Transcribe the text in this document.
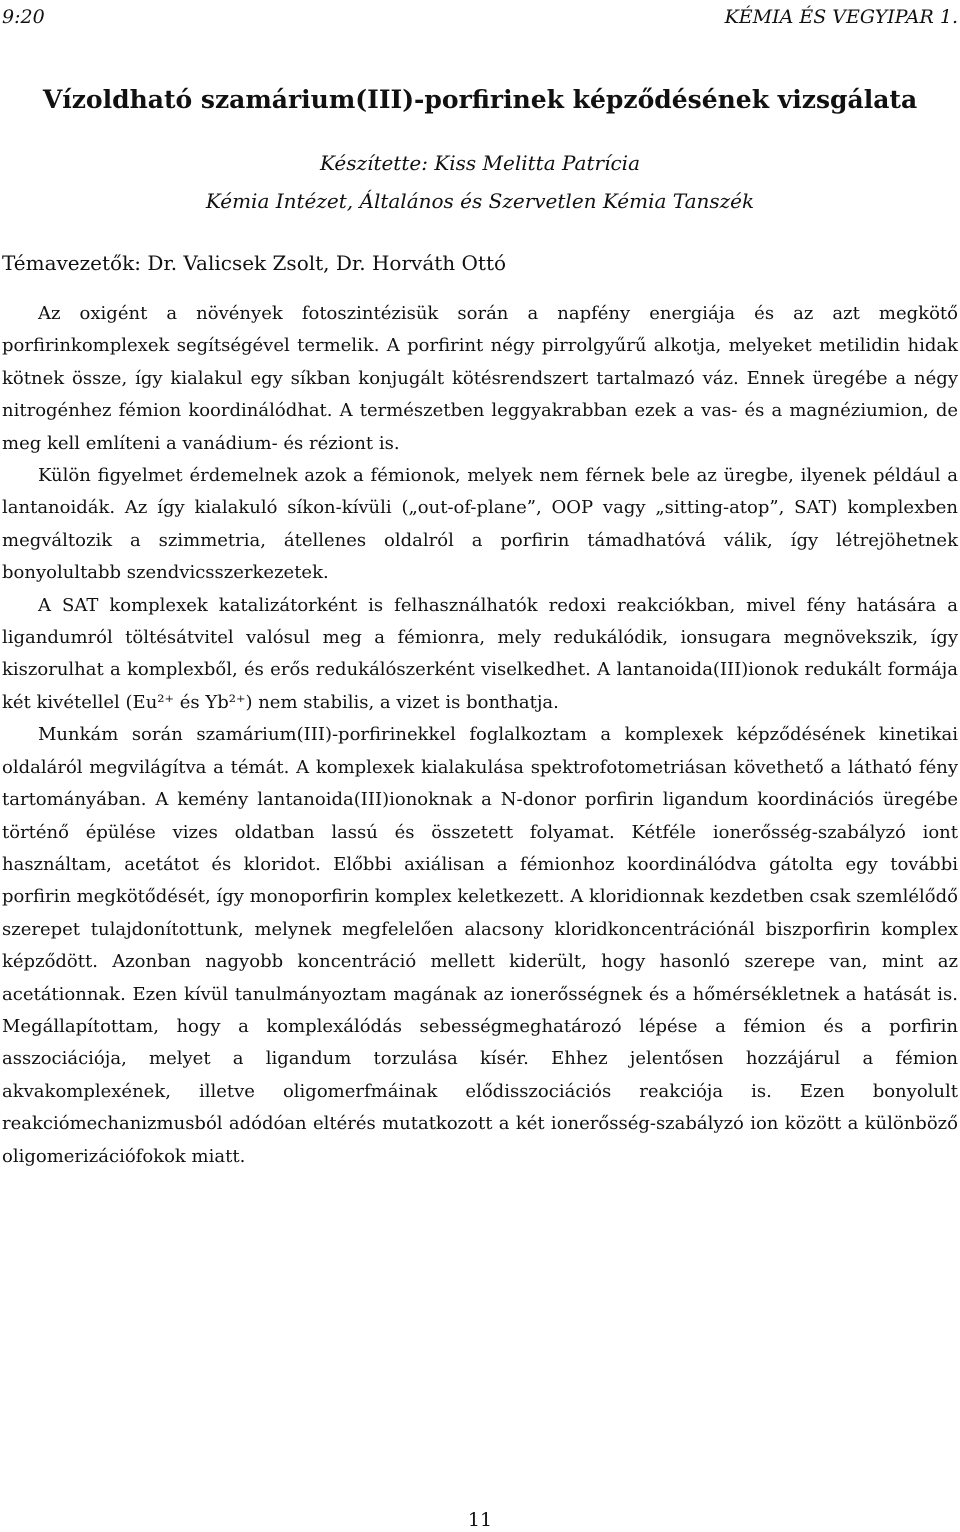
9:20	KÉMIA ÉS VEGYIPAR 1.
Vízoldható szamárium(III)-porfirinek képződésének vizsgálata
Készítette: Kiss Melitta Patrícia
Kémia Intézet, Általános és Szervetlen Kémia Tanszék
Témavezetők: Dr. Valicsek Zsolt, Dr. Horváth Ottó

Az oxigént a növények fotoszintézisük során a napfény energiája és az azt megkötő porfirinkomplexek segítségével termelik. A porfirint négy pirrolgyűrű alkotja, melyeket metilidin hidak kötnek össze, így kialakul egy síkban konjugált kötésrendszert tartalmazó váz. Ennek üregébe a négy nitrogénhez fémion koordinálódhat. A természetben leggyakrabban ezek a vas- és a magnéziumion, de meg kell említeni a vanádium- és réziont is.

Külön figyelmet érdemelnek azok a fémionok, melyek nem férnek bele az üregbe, ilyenek például a lantanoidák. Az így kialakuló síkon-kívüli („out-of-plane”, OOP vagy „sitting-atop”, SAT) komplexben megváltozik a szimmetria, átellenes oldalról a porfirin támadhatóvá válik, így létrejöhetnek bonyolultabb szendvicsszerkezetek.

A SAT komplexek katalizátorként is felhasználhatók redoxi reakciókban, mivel fény hatására a ligandumról töltésátvitel valósul meg a fémionra, mely redukálódik, ionsugara megnövekszik, így kiszorulhat a komplexből, és erős redukálószerként viselkedhet. A lantanoida(III)ionok redukált formája két kivétellel (Eu²⁺ és Yb²⁺) nem stabilis, a vizet is bonthatja.

Munkám során szamárium(III)-porfirinekkel foglalkoztam a komplexek képződésének kinetikai oldaláról megvilágítva a témát. A komplexek kialakulása spektrofotometriásan követhető a látható fény tartományában. A kemény lantanoida(III)ionoknak a N-donor porfirin ligandum koordinációs üregébe történő épülése vizes oldatban lassú és összetett folyamat. Kétféle ionerősség-szabályzó iont használtam, acetátot és kloridot. Előbbi axiálisan a fémionhoz koordinálódva gátolta egy további porfirin megkötődését, így monoporfirin komplex keletkezett. A kloridionnak kezdetben csak szemlélődő szerepet tulajdonítottunk, melynek megfelelően alacsony kloridkoncentrációnál biszporfirin komplex képződött. Azonban nagyobb koncentráció mellett kiderült, hogy hasonló szerepe van, mint az acetátionnak. Ezen kívül tanulmányoztam magának az ionerősségnek és a hőmérsékletnek a hatását is. Megállapítottam, hogy a komplexálódás sebességmeghatározó lépése a fémion és a porfirin asszociációja, melyet a ligandum torzulása kísér. Ehhez jelentősen hozzájárul a fémion akvakomplexének, illetve oligomerfmáinak elődisszociációs reakciója is. Ezen bonyolult reakciómechanizmusból adódóan eltérés mutatkozott a két ionerősség-szabályzó ion között a különböző oligomerizációfokok miatt.

11
